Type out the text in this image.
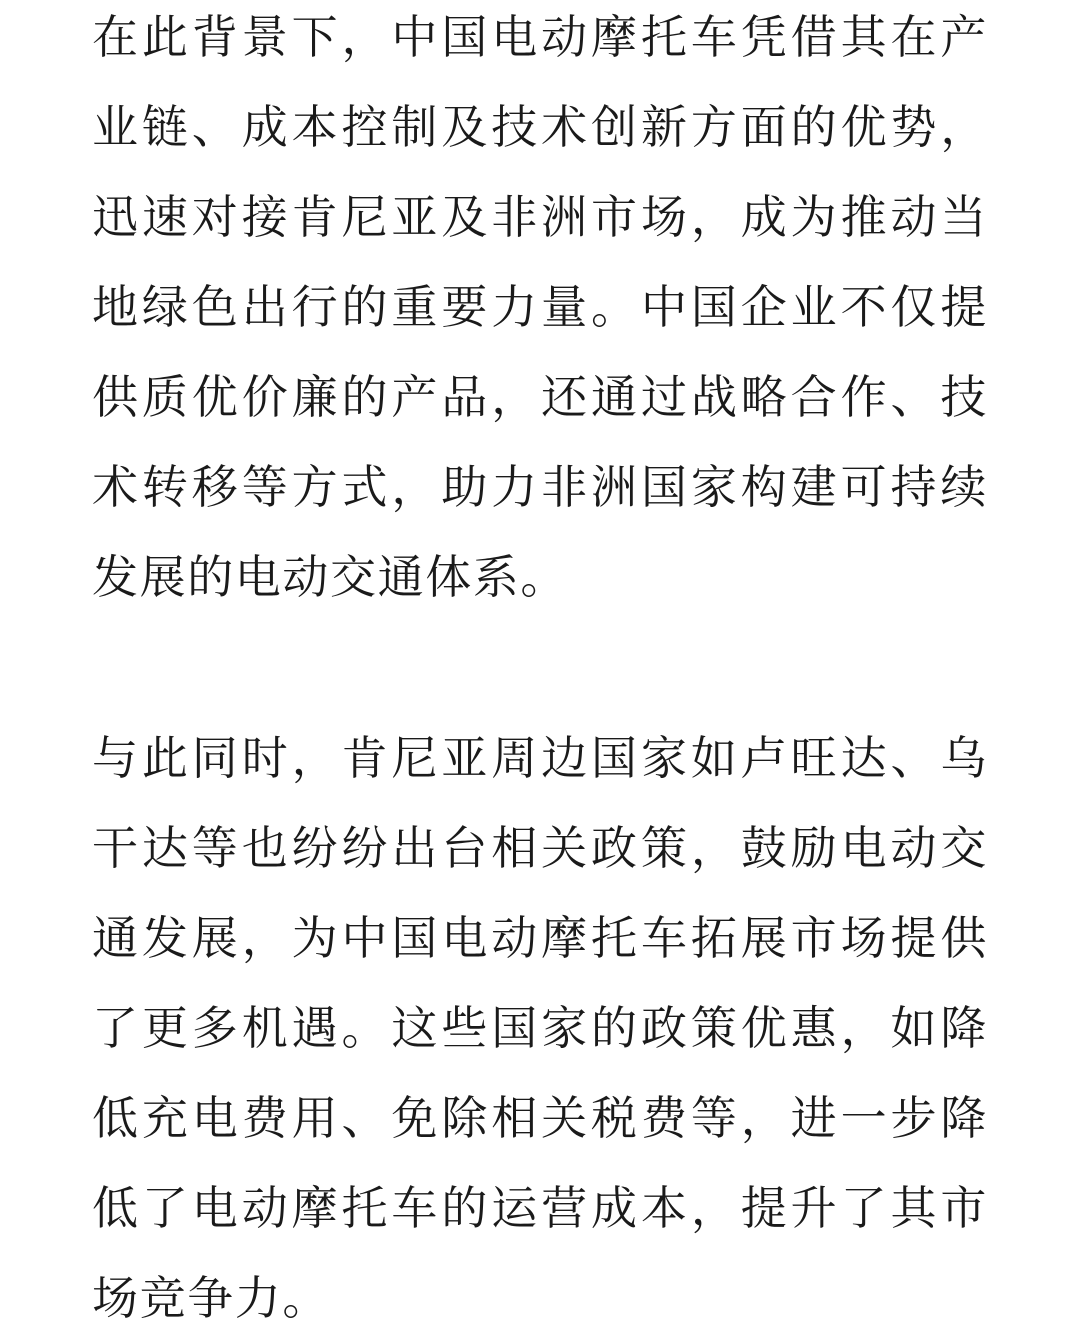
在此背景下，中国电动摩托车凭借其在产业链、成本控制及技术创新方面的优势，迅速对接肯尼亚及非洲市场，成为推动当地绿色出行的重要力量。中国企业不仅提供质优价廉的产品，还通过战略合作、技术转移等方式，助力非洲国家构建可持续发展的电动交通体系。

与此同时，肯尼亚周边国家如卢旺达、乌干达等也纷纷出台相关政策，鼓励电动交通发展，为中国电动摩托车拓展市场提供了更多机遇。这些国家的政策优惠，如降低充电费用、免除相关税费等，进一步降低了电动摩托车的运营成本，提升了其市场竞争力。
